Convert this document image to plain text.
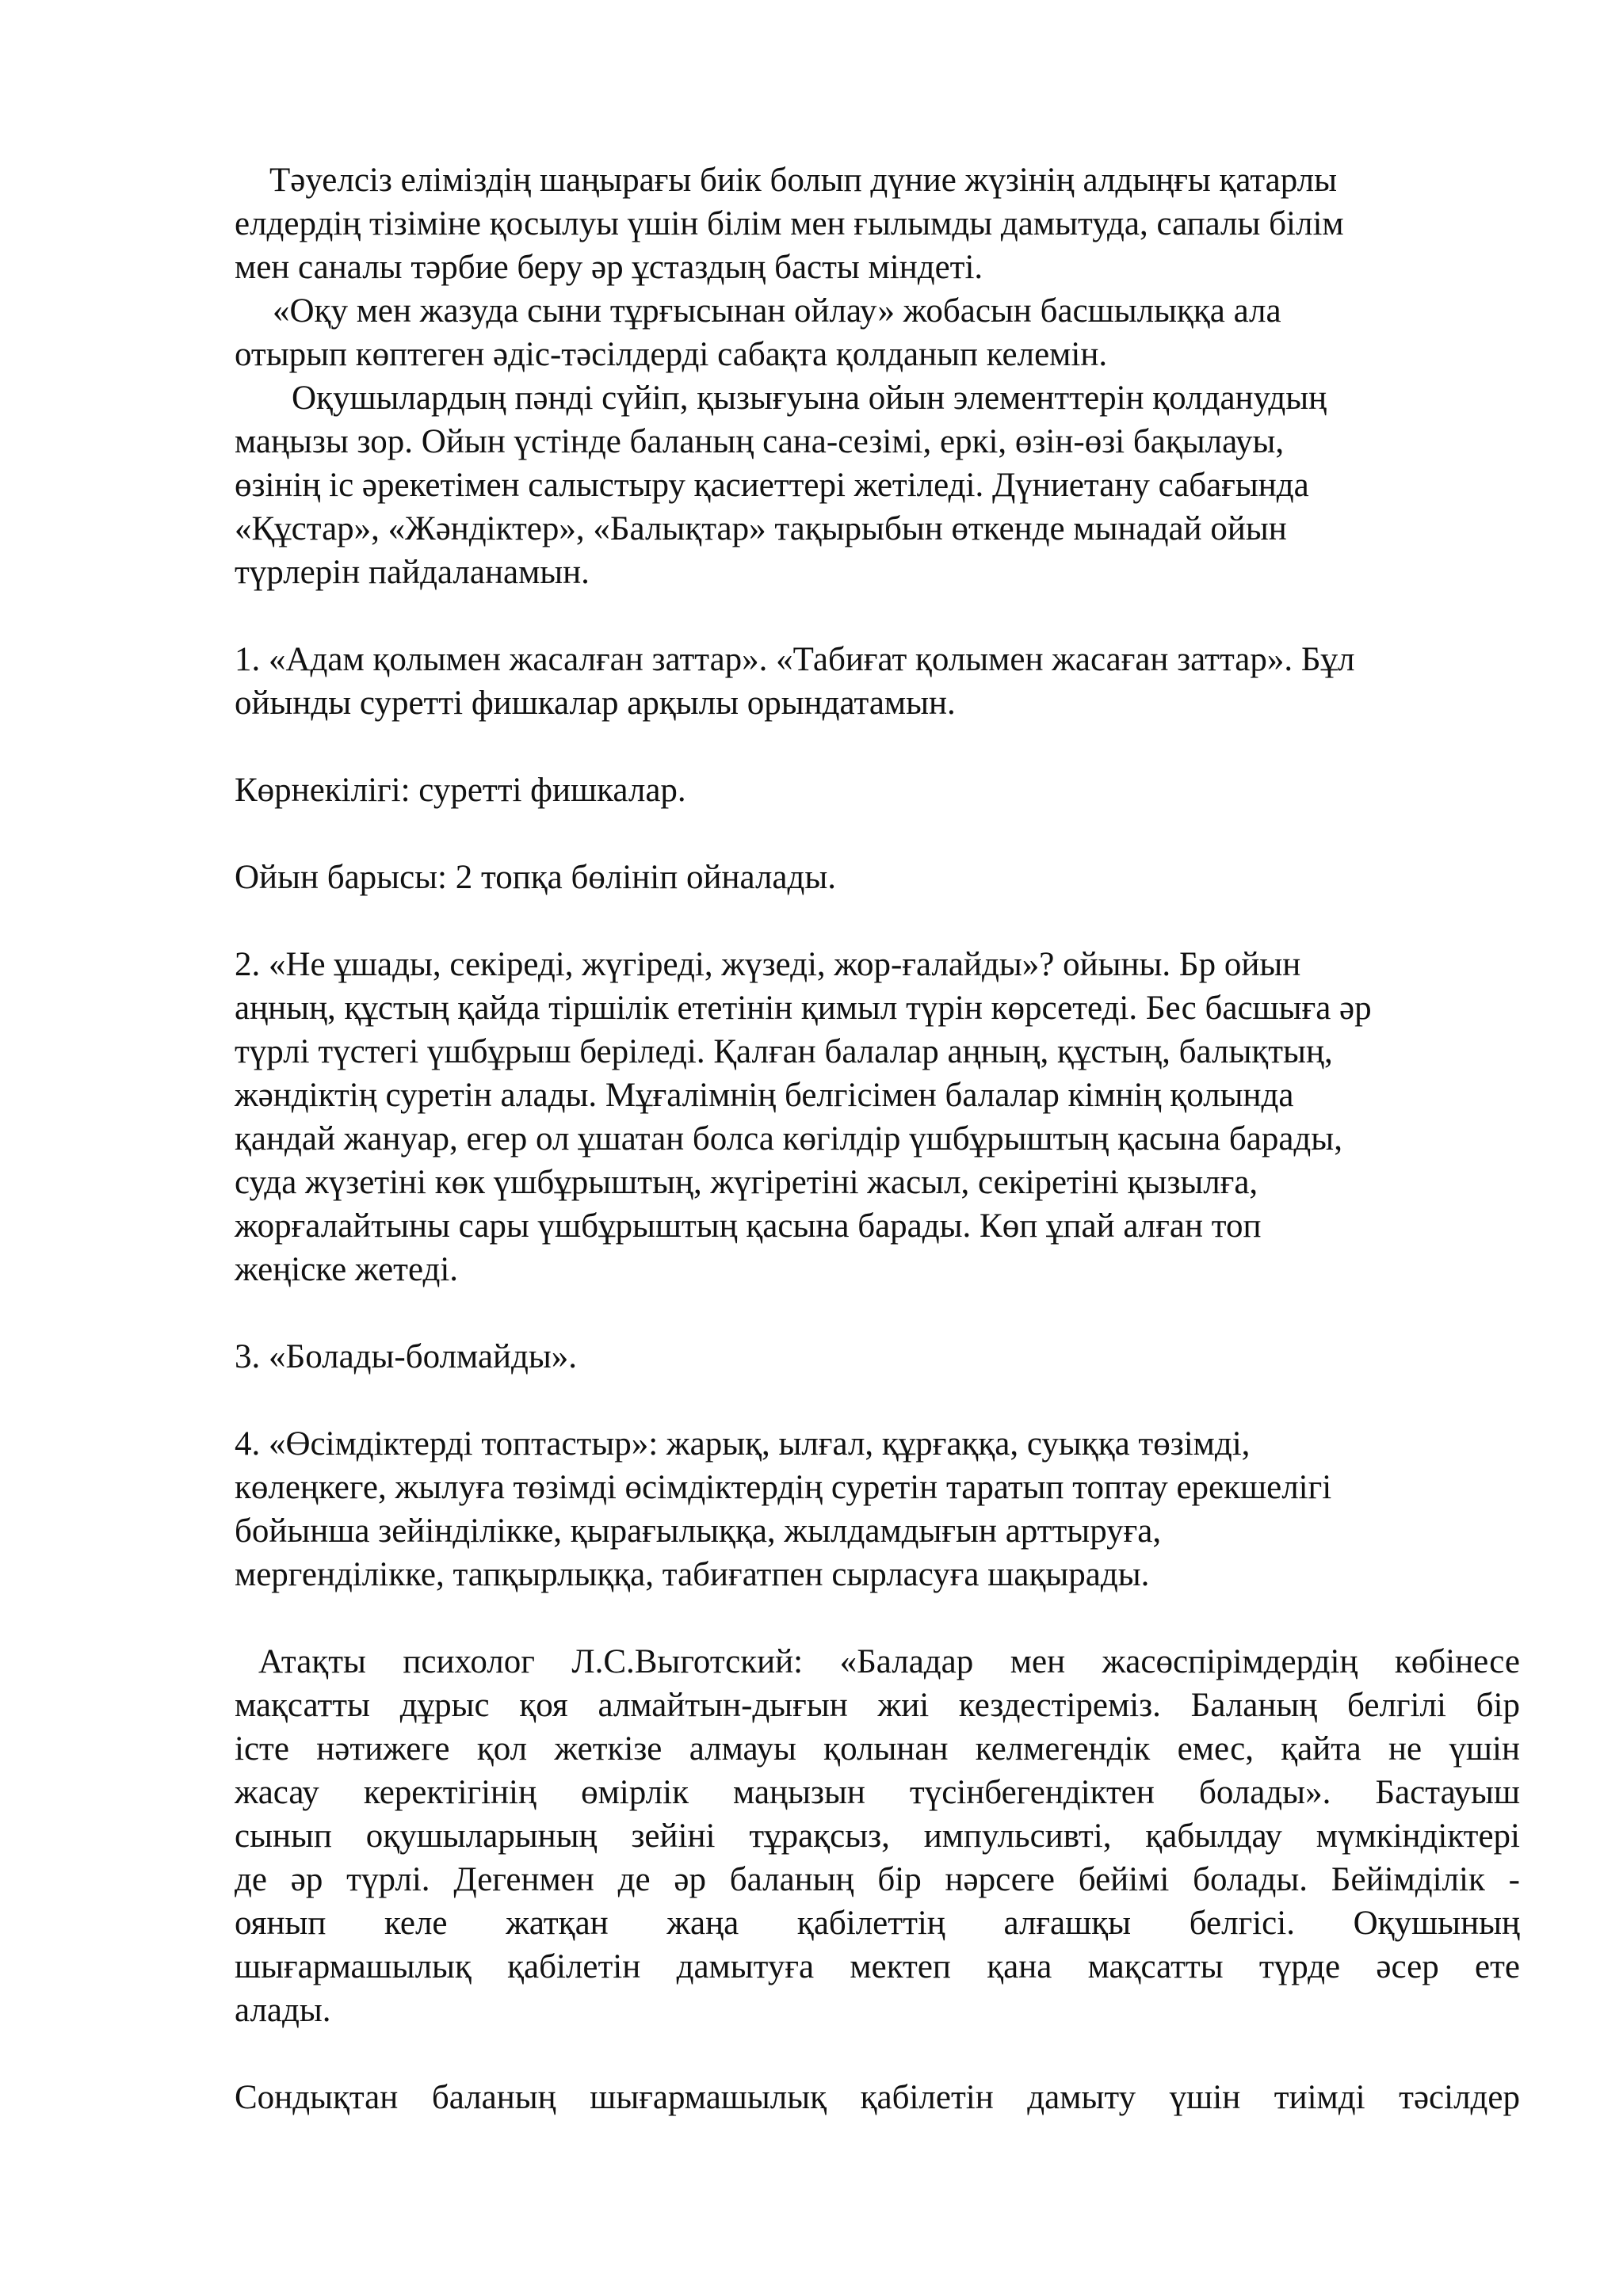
Тәуелсіз еліміздің шаңырағы биік болып дүние жүзінің алдыңғы қатарлы
елдердің тізіміне қосылуы үшін білім мен ғылымды дамытуда, сапалы білім
мен саналы тәрбие беру әр ұстаздың басты міндеті.

«Оқу мен жазуда сыни тұрғысынан ойлау» жобасын басшылыққа ала
отырып көптеген әдіс-тәсілдерді сабақта қолданып келемін.

Оқушылардың пәнді сүйіп, қызығуына ойын элементтерін қолданудың
маңызы зор. Ойын үстінде баланың сана-сезімі, еркі, өзін-өзі бақылауы,
өзінің іс әрекетімен салыстыру қасиеттері жетіледі. Дүниетану сабағында
«Құстар», «Жәндіктер», «Балықтар» тақырыбын өткенде мынадай ойын
түрлерін пайдаланамын.

1. «Адам қолымен жасалған заттар». «Табиғат қолымен жасаған заттар». Бұл
ойынды суретті фишкалар арқылы орындатамын.

Көрнекілігі: суретті фишкалар.

Ойын барысы: 2 топқа бөлініп ойналады.

2. «Не ұшады, секіреді, жүгіреді, жүзеді, жор-ғалайды»? ойыны. Бр ойын
аңның, құстың қайда тіршілік ететінін қимыл түрін көрсетеді. Бес басшыға әр
түрлі түстегі үшбұрыш беріледі. Қалған балалар аңның, құстың, балықтың,
жәндіктің суретін алады. Мұғалімнің белгісімен балалар кімнің қолында
қандай жануар, егер ол ұшатан болса көгілдір үшбұрыштың қасына барады,
суда жүзетіні көк үшбұрыштың, жүгіретіні жасыл, секіретіні қызылға,
жорғалайтыны сары үшбұрыштың қасына барады. Көп ұпай алған топ
жеңіске жетеді.

3. «Болады-болмайды».

4. «Өсімдіктерді топтастыр»: жарық, ылғал, құрғаққа, суыққа төзімді,
көлеңкеге, жылуға төзімді өсімдіктердің суретін таратып топтау ерекшелігі
бойынша зейінділікке, қырағылыққа, жылдамдығын арттыруға,
мергенділікке, тапқырлыққа, табиғатпен сырласуға шақырады.

Атақты психолог Л.С.Выготский: «Баладар мен жасөспірімдердің көбінесе
мақсатты дұрыс қоя алмайтын-дығын жиі кездестіреміз. Баланың белгілі бір
істе нәтижеге қол жеткізе алмауы қолынан келмегендік емес, қайта не үшін
жасау керектігінің өмірлік маңызын түсінбегендіктен болады». Бастауыш
сынып оқушыларының зейіні тұрақсыз, импульсивті, қабылдау мүмкіндіктері
де әр түрлі. Дегенмен де әр баланың бір нәрсеге бейімі болады. Бейімділік -
оянып келе жатқан жаңа қабілеттің алғашқы белгісі. Оқушының
шығармашылық қабілетін дамытуға мектеп қана мақсатты түрде әсер ете
алады.

Сондықтан баланың шығармашылық қабілетін дамыту үшін тиімді тәсілдер
